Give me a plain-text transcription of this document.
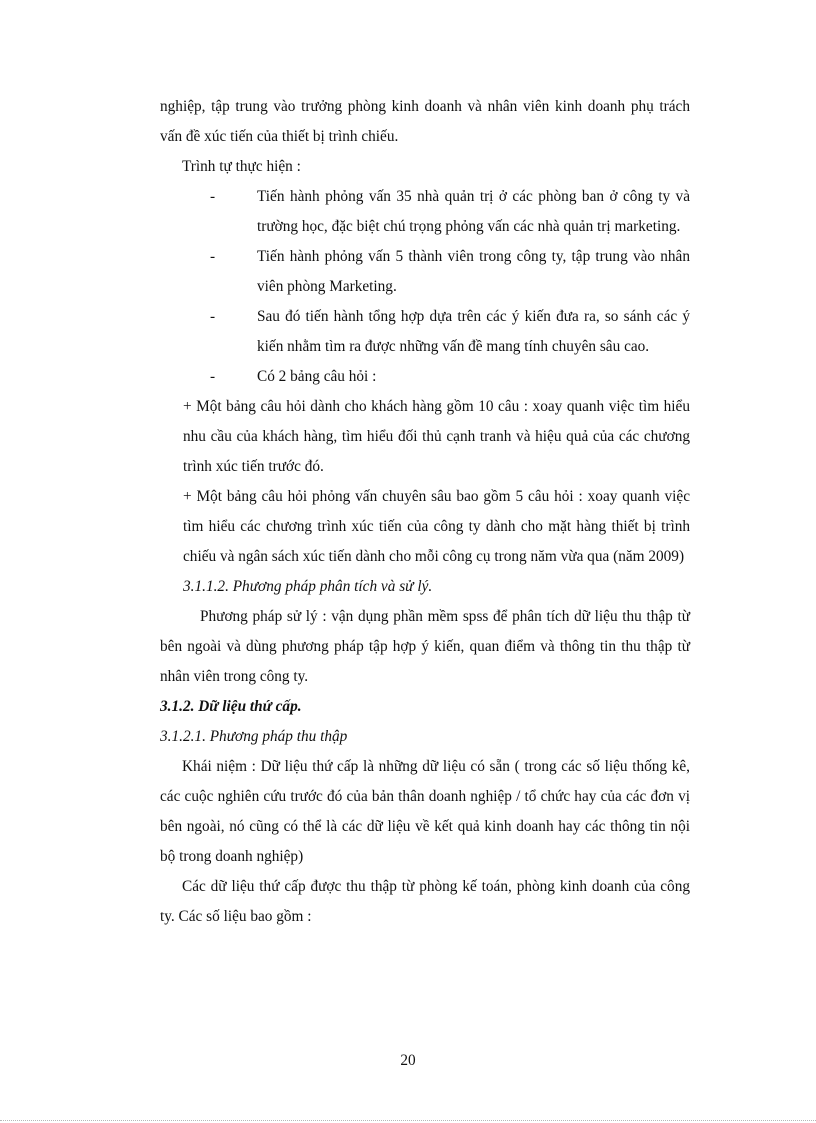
nghiệp, tập trung vào trưởng phòng kinh doanh và nhân viên kinh doanh phụ trách vấn đề xúc tiến của thiết bị trình chiếu.

Trình tự thực hiện :

-	Tiến hành phỏng vấn 35 nhà quản trị ở các phòng ban ở công ty và trường học, đặc biệt chú trọng phỏng vấn các nhà quản trị marketing.
-	Tiến hành phỏng vấn 5 thành viên trong công ty, tập trung vào nhân viên phòng Marketing.
-	Sau đó tiến hành tổng hợp dựa trên các ý kiến đưa ra, so sánh các ý kiến nhằm tìm ra được những vấn đề mang tính chuyên sâu cao.
-	Có 2 bảng câu hỏi :

+ Một bảng câu hỏi dành cho khách hàng gồm 10 câu : xoay quanh việc tìm hiểu nhu cầu của khách hàng, tìm hiểu đối thủ cạnh tranh và hiệu quả của các chương trình xúc tiến trước đó.

+ Một bảng câu hỏi phỏng vấn chuyên sâu bao gồm 5 câu hỏi : xoay quanh việc tìm hiểu các chương trình xúc tiến của công ty dành cho mặt hàng thiết bị trình chiếu và ngân sách xúc tiến dành cho mỗi công cụ trong năm vừa qua (năm 2009)

3.1.1.2. Phương pháp phân tích và sử lý.

Phương pháp sử lý : vận dụng phần mềm spss để phân tích dữ liệu thu thập từ bên ngoài và dùng phương pháp tập hợp ý kiến, quan điểm và thông tin thu thập từ nhân viên trong công ty.

3.1.2. Dữ liệu thứ cấp.

3.1.2.1. Phương pháp thu thập

Khái niệm : Dữ liệu thứ cấp là những dữ liệu có sẵn ( trong các số liệu thống kê, các cuộc nghiên cứu trước đó của bản thân doanh nghiệp / tổ chức hay của các đơn vị bên ngoài, nó cũng có thể là các dữ liệu về kết quả kinh doanh hay các thông tin nội bộ trong doanh nghiệp)

Các dữ liệu thứ cấp được thu thập từ phòng kế toán, phòng kinh doanh của công ty. Các số liệu bao gồm :

20
